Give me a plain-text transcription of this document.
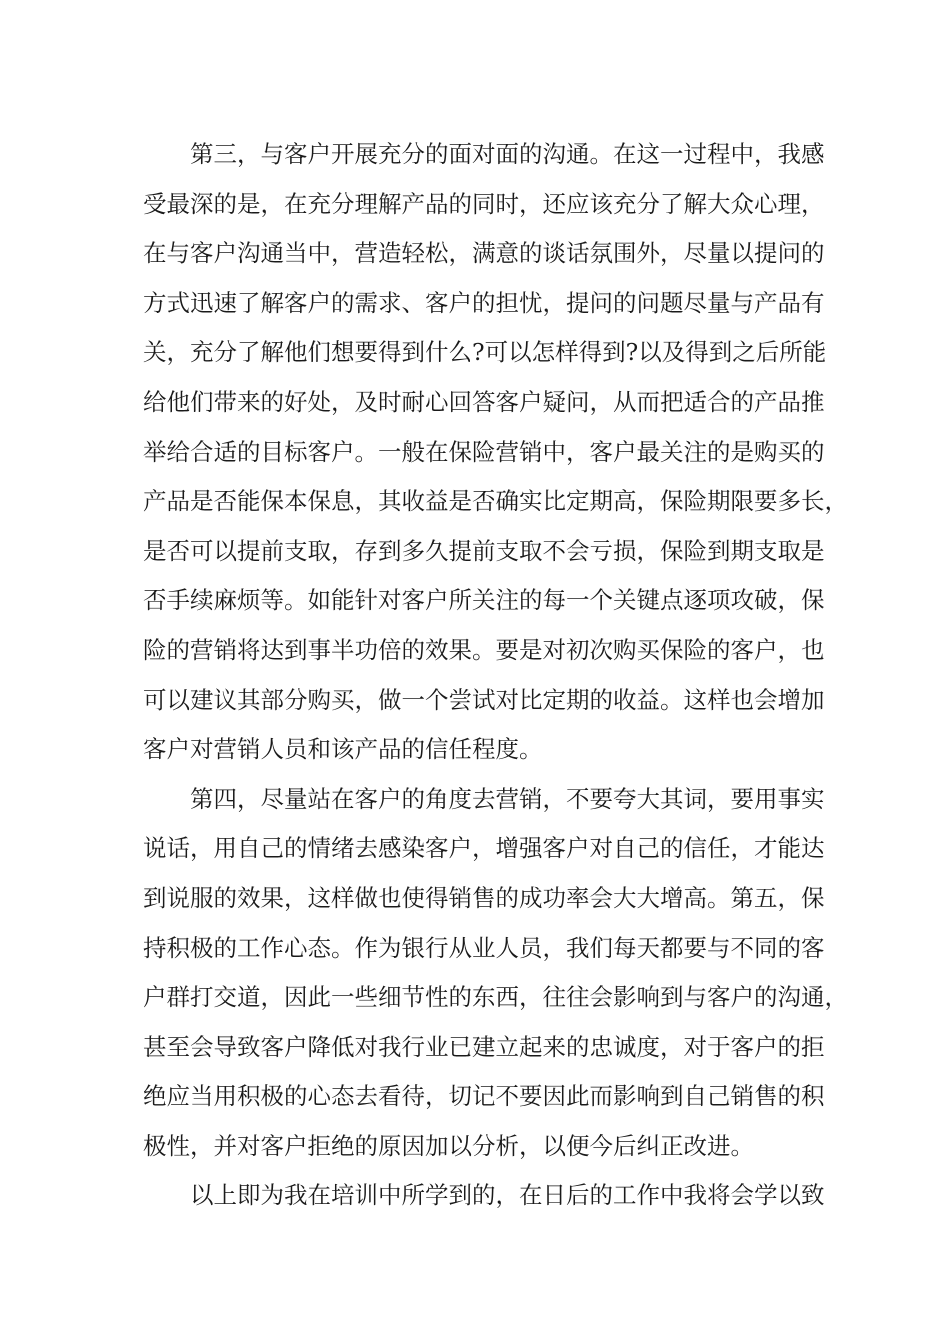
第三，与客户开展充分的面对面的沟通。在这一过程中，我感
受最深的是，在充分理解产品的同时，还应该充分了解大众心理，
在与客户沟通当中，营造轻松，满意的谈话氛围外，尽量以提问的
方式迅速了解客户的需求、客户的担忧，提问的问题尽量与产品有
关，充分了解他们想要得到什么?可以怎样得到?以及得到之后所能
给他们带来的好处，及时耐心回答客户疑问，从而把适合的产品推
举给合适的目标客户。一般在保险营销中，客户最关注的是购买的
产品是否能保本保息，其收益是否确实比定期高，保险期限要多长，
是否可以提前支取，存到多久提前支取不会亏损，保险到期支取是
否手续麻烦等。如能针对客户所关注的每一个关键点逐项攻破，保
险的营销将达到事半功倍的效果。要是对初次购买保险的客户，也
可以建议其部分购买，做一个尝试对比定期的收益。这样也会增加
客户对营销人员和该产品的信任程度。
第四，尽量站在客户的角度去营销，不要夸大其词，要用事实
说话，用自己的情绪去感染客户，增强客户对自己的信任，才能达
到说服的效果，这样做也使得销售的成功率会大大增高。第五，保
持积极的工作心态。作为银行从业人员，我们每天都要与不同的客
户群打交道，因此一些细节性的东西，往往会影响到与客户的沟通，
甚至会导致客户降低对我行业已建立起来的忠诚度，对于客户的拒
绝应当用积极的心态去看待，切记不要因此而影响到自己销售的积
极性，并对客户拒绝的原因加以分析，以便今后纠正改进。
以上即为我在培训中所学到的，在日后的工作中我将会学以致
